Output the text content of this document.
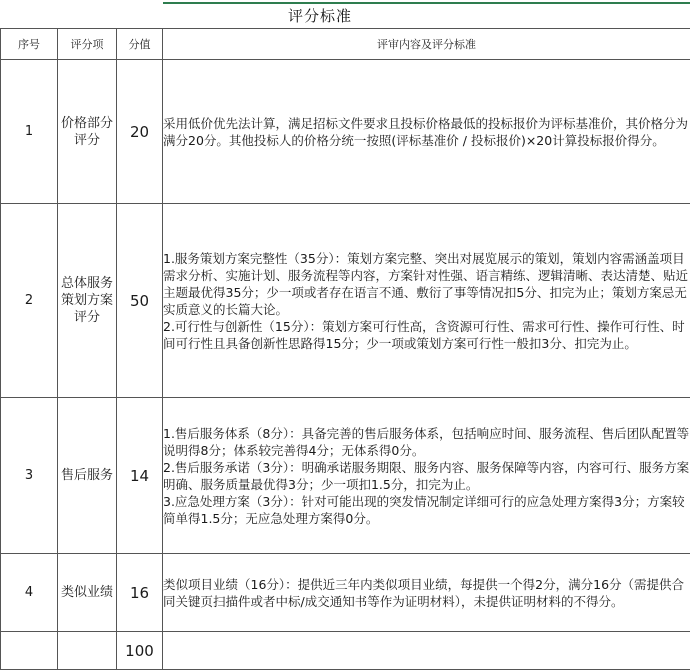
评分标准
序号	评分项	分值	评审内容及评分标准
1	价格部分评分	20	采用低价优先法计算，满足招标文件要求且投标价格最低的投标报价为评标基准价，其价格分为满分20分。其他投标人的价格分统一按照(评标基准价 / 投标报价)×20计算投标报价得分。

2	总体服务策划方案评分	50	1.服务策划方案完整性（35分）：策划方案完整、突出对展览展示的策划，策划内容需涵盖项目需求分析、实施计划、服务流程等内容，方案针对性强、语言精练、逻辑清晰、表达清楚、贴近主题最优得35分；少一项或者存在语言不通、敷衍了事等情况扣5分、扣完为止；策划方案忌无实质意义的长篇大论。

2.可行性与创新性（15分）：策划方案可行性高，含资源可行性、需求可行性、操作可行性、时间可行性且具备创新性思路得15分；少一项或策划方案可行性一般扣3分、扣完为止。

3	售后服务	14	1.售后服务体系（8分）：具备完善的售后服务体系，包括响应时间、服务流程、售后团队配置等说明得8分；体系较完善得4分；无体系得0分。

2.售后服务承诺（3分）：明确承诺服务期限、服务内容、服务保障等内容，内容可行、服务方案明确、服务质量最优得3分；少一项扣1.5分，扣完为止。

3.应急处理方案（3分）：针对可能出现的突发情况制定详细可行的应急处理方案得3分；方案较简单得1.5分；无应急处理方案得0分。

4	类似业绩	16	类似项目业绩（16分）：提供近三年内类似项目业绩，每提供一个得2分，满分16分（需提供合同关键页扫描件或者中标/成交通知书等作为证明材料），未提供证明材料的不得分。

		100	
